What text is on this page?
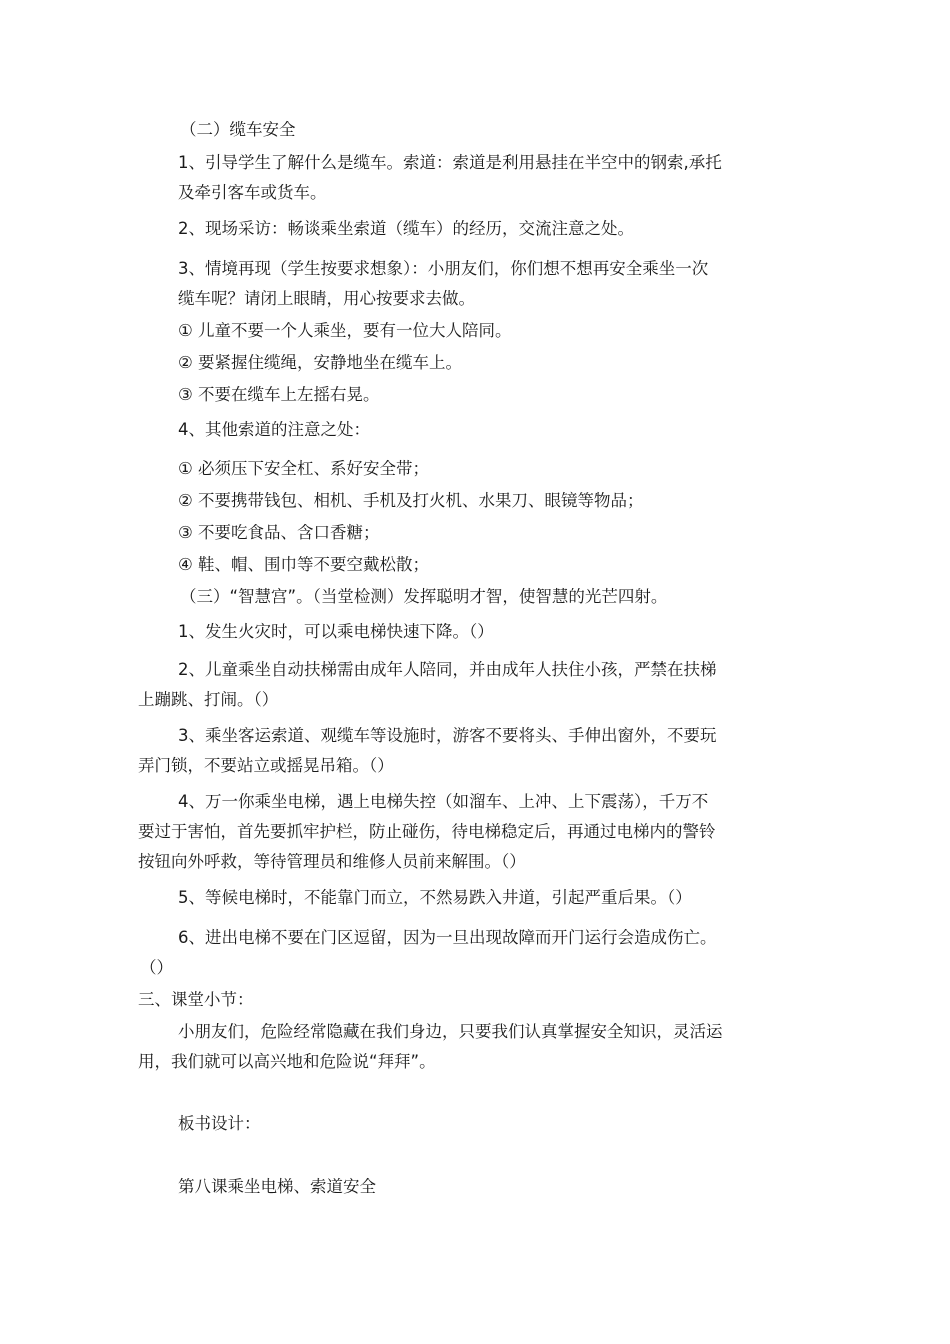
（二）缆车安全
1、引导学生了解什么是缆车。索道：索道是利用悬挂在半空中的钢索,承托
及牵引客车或货车。
2、现场采访：畅谈乘坐索道（缆车）的经历，交流注意之处。
3、情境再现（学生按要求想象）：小朋友们，你们想不想再安全乘坐一次
缆车呢？请闭上眼睛，用心按要求去做。
① 儿童不要一个人乘坐，要有一位大人陪同。
② 要紧握住缆绳，安静地坐在缆车上。
③ 不要在缆车上左摇右晃。
4、其他索道的注意之处：
① 必须压下安全杠、系好安全带；
② 不要携带钱包、相机、手机及打火机、水果刀、眼镜等物品；
③ 不要吃食品、含口香糖；
④ 鞋、帽、围巾等不要空戴松散；
（三）“智慧宫”。（当堂检测）发挥聪明才智，使智慧的光芒四射。
1、发生火灾时，可以乘电梯快速下降。（）
2、儿童乘坐自动扶梯需由成年人陪同，并由成年人扶住小孩，严禁在扶梯
上蹦跳、打闹。（）
3、乘坐客运索道、观缆车等设施时，游客不要将头、手伸出窗外，不要玩
弄门锁，不要站立或摇晃吊箱。（）
4、万一你乘坐电梯，遇上电梯失控（如溜车、上冲、上下震荡），千万不
要过于害怕，首先要抓牢护栏，防止碰伤，待电梯稳定后，再通过电梯内的警铃
按钮向外呼救，等待管理员和维修人员前来解围。（）
5、等候电梯时，不能靠门而立，不然易跌入井道，引起严重后果。（）
6、进出电梯不要在门区逗留，因为一旦出现故障而开门运行会造成伤亡。
（）
三、课堂小节：
小朋友们，危险经常隐藏在我们身边，只要我们认真掌握安全知识，灵活运
用，我们就可以高兴地和危险说“拜拜”。
板书设计：
第八课乘坐电梯、索道安全
